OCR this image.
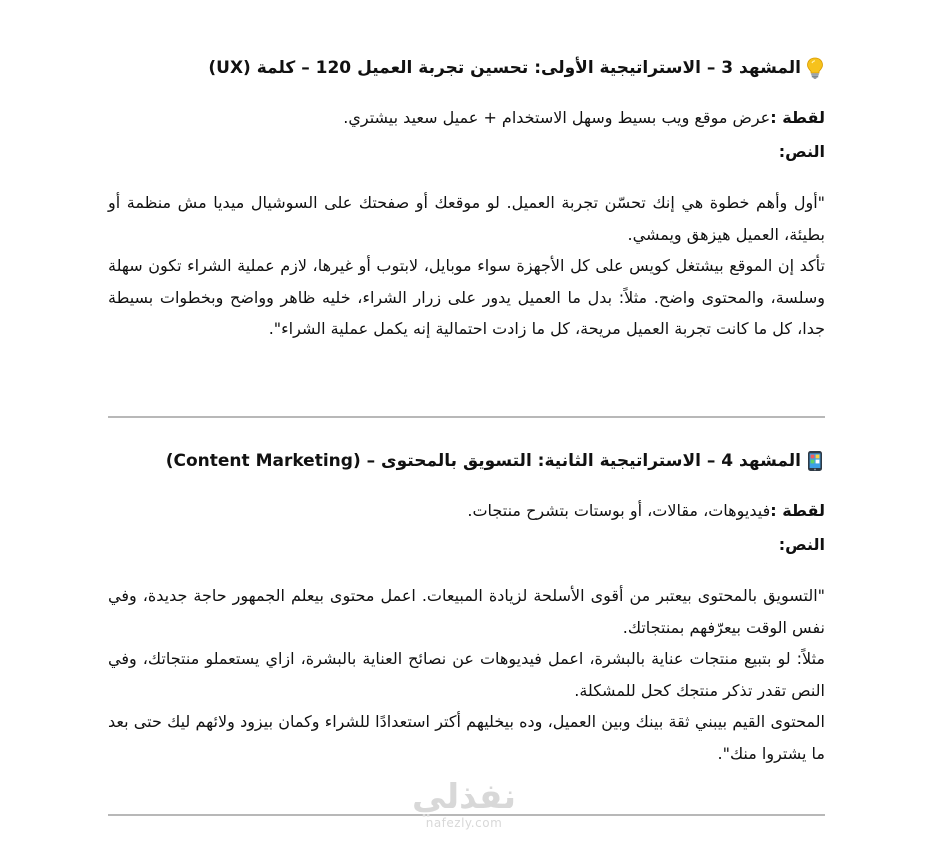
المشهد 3 – الاستراتيجية الأولى: تحسين تجربة العميل

120

–

(UX) كلمة
لقطة :عرض موقع ويب بسيط وسهل الاستخدام + عميل سعيد بيشتري.
النص:

"أول وأهم خطوة هي إنك تحسّن تجربة العميل. لو موقعك أو صفحتك على السوشيال ميديا مش منظمة أو بطيئة، العميل هيزهق ويمشي.

تأكد إن الموقع بيشتغل كويس على كل الأجهزة سواء موبايل، لابتوب أو غيرها، لازم عملية الشراء تكون سهلة وسلسة، والمحتوى واضح. مثلاً: بدل ما العميل يدور على زرار الشراء، خليه ظاهر وواضح وبخطوات بسيطة جدا، كل ما كانت تجربة العميل مريحة، كل ما زادت احتمالية إنه يكمل عملية الشراء".

المشهد 4 – الاستراتيجية الثانية: التسويق بالمحتوى –

(Content Marketing)
لقطة :فيديوهات، مقالات، أو بوستات بتشرح منتجات.
النص:

"التسويق بالمحتوى بيعتبر من أقوى الأسلحة لزيادة المبيعات. اعمل محتوى بيعلم الجمهور حاجة جديدة، وفي نفس الوقت بيعرّفهم بمنتجاتك.

مثلاً: لو بتبيع منتجات عناية بالبشرة، اعمل فيديوهات عن نصائح العناية بالبشرة، ازاي يستعملو منتجاتك، وفي النص تقدر تذكر منتجك كحل للمشكلة.

المحتوى القيم بيبني ثقة بينك وبين العميل، وده بيخليهم أكتر استعدادًا للشراء وكمان بيزود ولائهم ليك حتى بعد ما يشتروا منك".

نفذلي
nafezly.com
